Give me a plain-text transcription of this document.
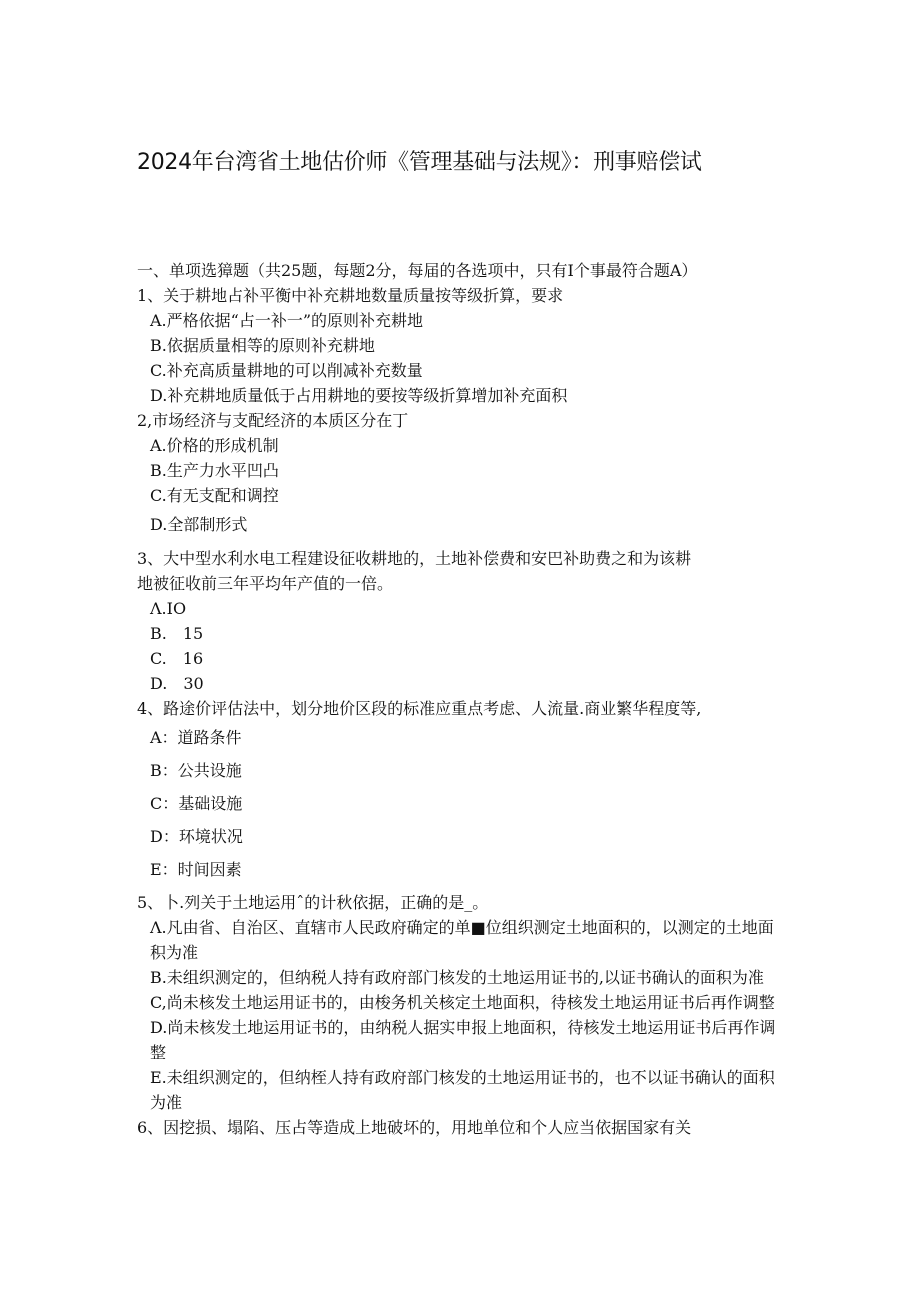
2024年台湾省土地估价师《管理基础与法规》：刑事赔偿试
一、单项选獐题（共25题，每题2分，每届的各选项中，只有I个事最符合题A）
1、关于耕地占补平衡中补充耕地数量质量按等级折算，要求
A.严格依据“占一补一”的原则补充耕地
B.依据质量相等的原则补充耕地
C.补充高质量耕地的可以削减补充数量
D.补充耕地质量低于占用耕地的要按等级折算增加补充面积
2,市场经济与支配经济的本质区分在丁
A.价格的形成机制
B.生产力水平凹凸
C.有无支配和调控
D.全部制形式
3、大中型水利水电工程建设征收耕地的，土地补偿费和安巴补助费之和为该耕
地被征收前三年平均年产值的一倍。
Λ.IO
B.　15
C.　16
D.　30
4、路途价评估法中，划分地价区段的标准应重点考虑、人流量.商业繁华程度等,
A：道路条件
B：公共设施
C：基础设施
D：环境状况
E：时间因素
5、卜.列关于土地运用ˆ的计秋依据，正确的是_。
Λ.凡由省、自治区、直辖市人民政府确定的单■位组织测定土地面积的，以测定的土地面积为准
B.未组织测定的，但纳税人持有政府部门核发的土地运用证书的,以证书确认的面积为准
C,尚未核发土地运用证书的，由梭务机关核定土地面积，待核发土地运用证书后再作调整
D.尚未核发土地运用证书的，由纳税人据实申报上地面积，待核发土地运用证书后再作调整
E.未组织测定的，但纳桎人持有政府部门核发的土地运用证书的，也不以证书确认的面积为准
6、因挖损、塌陷、压占等造成上地破坏的，用地单位和个人应当依据国家有关
